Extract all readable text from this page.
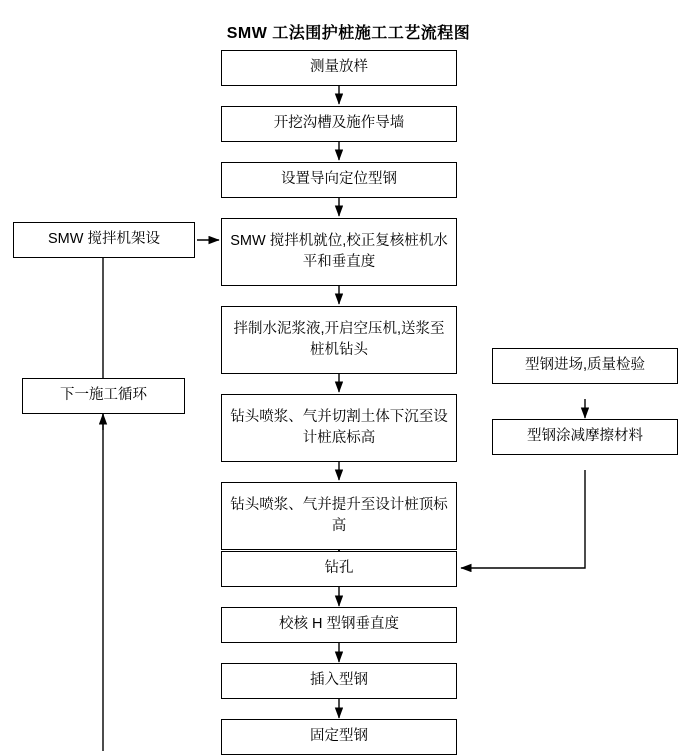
SMW 工法围护桩施工工艺流程图
测量放样
开挖沟槽及施作导墙
设置导向定位型钢
SMW 搅拌机就位,校正复核桩机水平和垂直度
拌制水泥浆液,开启空压机,送浆至桩机钻头
钻头喷浆、气并切割土体下沉至设计桩底标高
钻头喷浆、气并提升至设计桩顶标高
钻孔
校核 H 型钢垂直度
插入型钢
固定型钢
SMW 搅拌机架设
下一施工循环
型钢进场,质量检验
型钢涂减摩擦材料
